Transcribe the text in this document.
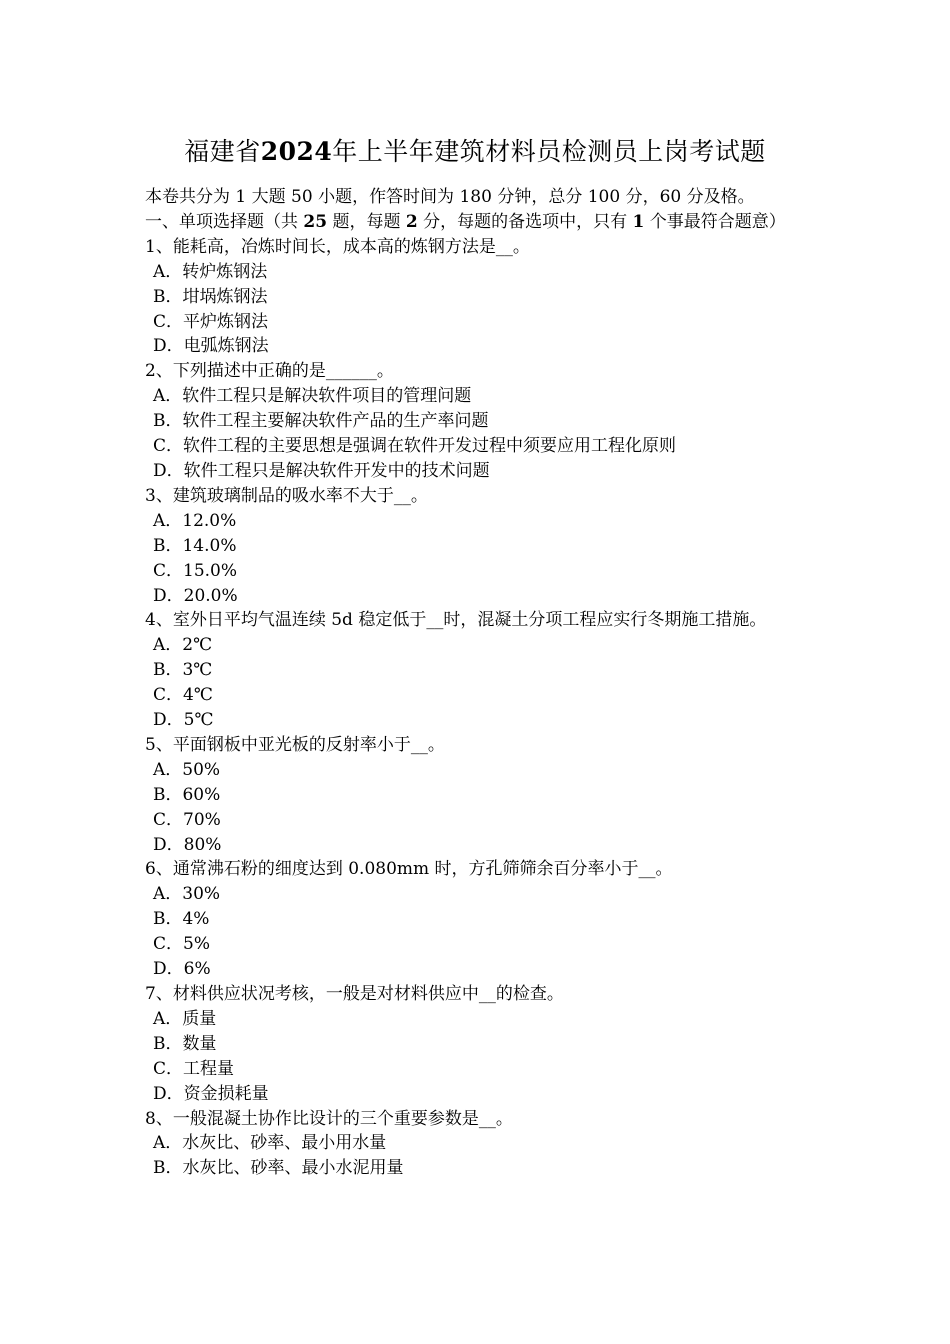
福建省2024年上半年建筑材料员检测员上岗考试题
本卷共分为 1 大题 50 小题，作答时间为 180 分钟，总分 100 分，60 分及格。
一、单项选择题（共 25 题，每题 2 分，每题的备选项中，只有 1 个事最符合题意）
1、能耗高，冶炼时间长，成本高的炼钢方法是__。
A．转炉炼钢法
B．坩埚炼钢法
C．平炉炼钢法
D．电弧炼钢法
2、下列描述中正确的是______。
A．软件工程只是解决软件项目的管理问题
B．软件工程主要解决软件产品的生产率问题
C．软件工程的主要思想是强调在软件开发过程中须要应用工程化原则
D．软件工程只是解决软件开发中的技术问题
3、建筑玻璃制品的吸水率不大于__。
A．12.0%
B．14.0%
C．15.0%
D．20.0%
4、室外日平均气温连续 5d 稳定低于__时，混凝土分项工程应实行冬期施工措施。
A．2℃
B．3℃
C．4℃
D．5℃
5、平面钢板中亚光板的反射率小于__。
A．50%
B．60%
C．70%
D．80%
6、通常沸石粉的细度达到 0.080mm 时，方孔筛筛余百分率小于__。
A．30%
B．4%
C．5%
D．6%
7、材料供应状况考核，一般是对材料供应中__的检查。
A．质量
B．数量
C．工程量
D．资金损耗量
8、一般混凝土协作比设计的三个重要参数是__。
A．水灰比、砂率、最小用水量
B．水灰比、砂率、最小水泥用量
